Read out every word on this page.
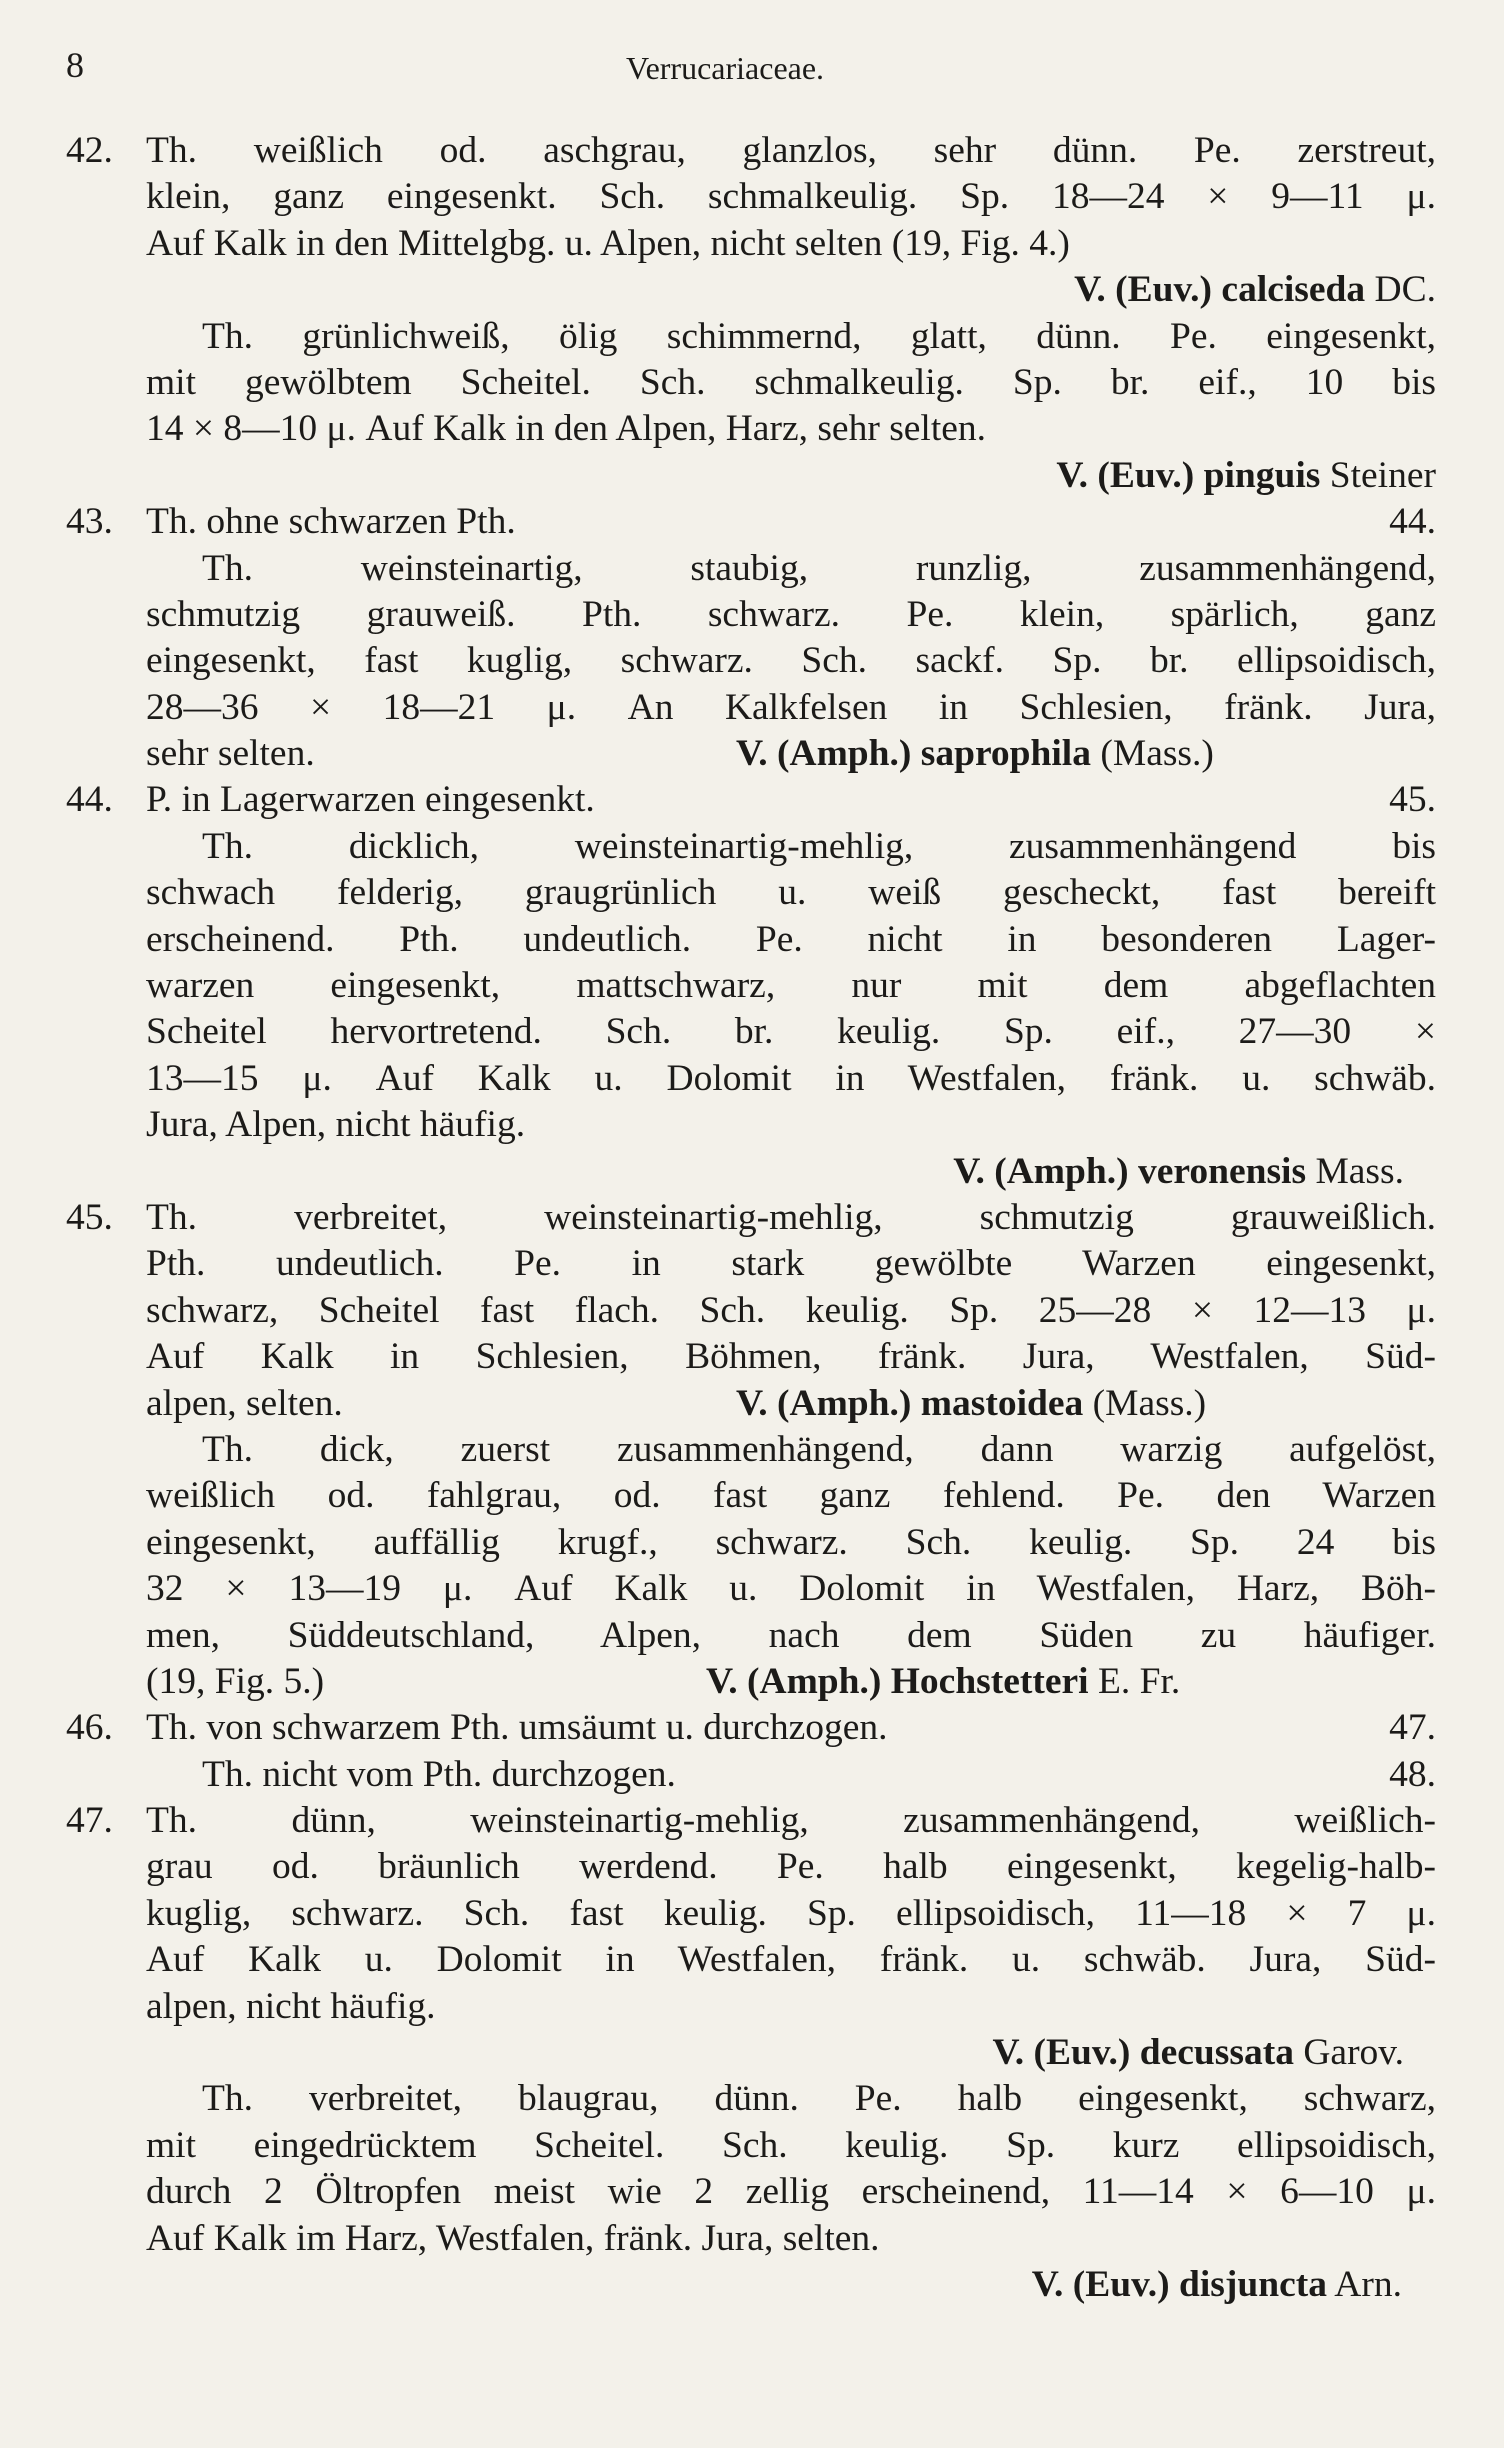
8	Verrucariaceae.
42. Th. weißlich od. aschgrau, glanzlos, sehr dünn. Pe. zerstreut,
klein, ganz eingesenkt. Sch. schmalkeulig. Sp. 18—24 × 9—11 μ.
Auf Kalk in den Mittelgbg. u. Alpen, nicht selten (19, Fig. 4.)
V. (Euv.) calciseda DC.
Th. grünlichweiß, ölig schimmernd, glatt, dünn. Pe. eingesenkt,
mit gewölbtem Scheitel. Sch. schmalkeulig. Sp. br. eif., 10 bis
14 × 8—10 μ. Auf Kalk in den Alpen, Harz, sehr selten.
V. (Euv.) pinguis Steiner
43. Th. ohne schwarzen Pth.	44.
Th. weinsteinartig, staubig, runzlig, zusammenhängend,
schmutzig grauweiß. Pth. schwarz. Pe. klein, spärlich, ganz
eingesenkt, fast kuglig, schwarz. Sch. sackf. Sp. br. ellipsoidisch,
28—36 × 18—21 μ. An Kalkfelsen in Schlesien, fränk. Jura,
sehr selten.	V. (Amph.) saprophila (Mass.)
44. P. in Lagerwarzen eingesenkt.	45.
Th. dicklich, weinsteinartig-mehlig, zusammenhängend bis
schwach felderig, graugrünlich u. weiß gescheckt, fast bereift
erscheinend. Pth. undeutlich. Pe. nicht in besonderen Lager-
warzen eingesenkt, mattschwarz, nur mit dem abgeflachten
Scheitel hervortretend. Sch. br. keulig. Sp. eif., 27—30 ×
13—15 μ. Auf Kalk u. Dolomit in Westfalen, fränk. u. schwäb.
Jura, Alpen, nicht häufig.
V. (Amph.) veronensis Mass.
45. Th. verbreitet, weinsteinartig-mehlig, schmutzig grauweißlich.
Pth. undeutlich. Pe. in stark gewölbte Warzen eingesenkt,
schwarz, Scheitel fast flach. Sch. keulig. Sp. 25—28 × 12—13 μ.
Auf Kalk in Schlesien, Böhmen, fränk. Jura, Westfalen, Süd-
alpen, selten.	V. (Amph.) mastoidea (Mass.)
Th. dick, zuerst zusammenhängend, dann warzig aufgelöst,
weißlich od. fahlgrau, od. fast ganz fehlend. Pe. den Warzen
eingesenkt, auffällig krugf., schwarz. Sch. keulig. Sp. 24 bis
32 × 13—19 μ. Auf Kalk u. Dolomit in Westfalen, Harz, Böh-
men, Süddeutschland, Alpen, nach dem Süden zu häufiger.
(19, Fig. 5.)	V. (Amph.) Hochstetteri E. Fr.
46. Th. von schwarzem Pth. umsäumt u. durchzogen.	47.
Th. nicht vom Pth. durchzogen.	48.
47. Th. dünn, weinsteinartig-mehlig, zusammenhängend, weißlich-
grau od. bräunlich werdend. Pe. halb eingesenkt, kegelig-halb-
kuglig, schwarz. Sch. fast keulig. Sp. ellipsoidisch, 11—18 × 7 μ.
Auf Kalk u. Dolomit in Westfalen, fränk. u. schwäb. Jura, Süd-
alpen, nicht häufig.
V. (Euv.) decussata Garov.
Th. verbreitet, blaugrau, dünn. Pe. halb eingesenkt, schwarz,
mit eingedrücktem Scheitel. Sch. keulig. Sp. kurz ellipsoidisch,
durch 2 Öltropfen meist wie 2 zellig erscheinend, 11—14 × 6—10 μ.
Auf Kalk im Harz, Westfalen, fränk. Jura, selten.
V. (Euv.) disjuncta Arn.
